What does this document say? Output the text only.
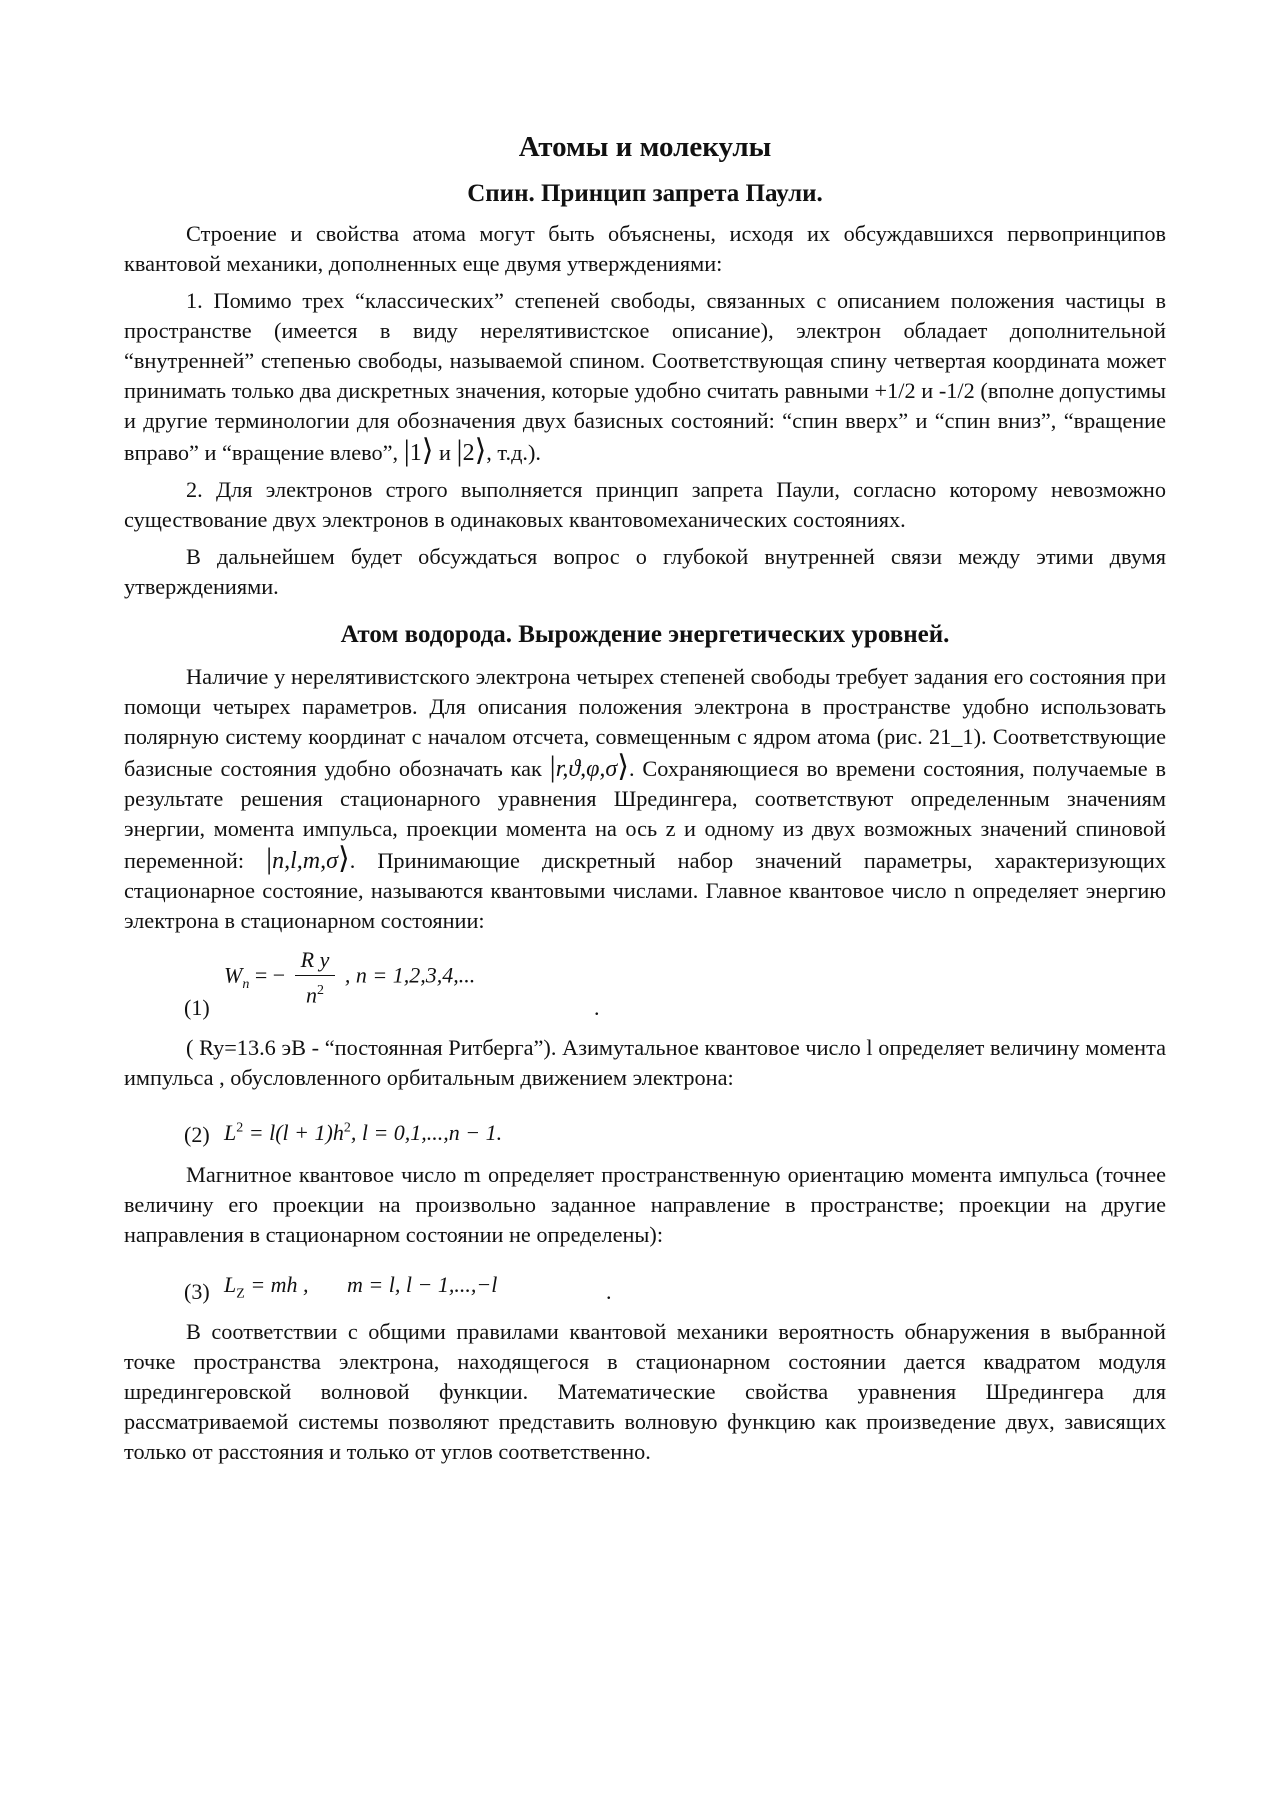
Атомы и молекулы
Спин. Принцип запрета Паули.

Строение и свойства атома могут быть объяснены, исходя их обсуждавшихся первопринципов квантовой механики, дополненных еще двумя утверждениями:

1. Помимо трех “классических” степеней свободы, связанных с описанием положения частицы в пространстве (имеется в виду нерелятивистское описание), электрон обладает дополнительной “внутренней” степенью свободы, называемой спином. Соответствующая спину четвертая координата может принимать только два дискретных значения, которые удобно считать равными +1/2 и -1/2 (вполне допустимы и другие терминологии для обозначения двух базисных состояний: “спин вверх” и “спин вниз”, “вращение вправо” и “вращение влево”, |1⟩ и |2⟩, т.д.).

2. Для электронов строго выполняется принцип запрета Паули, согласно которому невозможно существование двух электронов в одинаковых квантовомеханических состояниях.

В дальнейшем будет обсуждаться вопрос о глубокой внутренней связи между этими двумя утверждениями.

Атом водорода. Вырождение энергетических уровней.

Наличие у нерелятивистского электрона четырех степеней свободы требует задания его состояния при помощи четырех параметров. Для описания положения электрона в пространстве удобно использовать полярную систему координат с началом отсчета, совмещенным с ядром атома (рис. 21_1). Соответствующие базисные состояния удобно обозначать как |r,ϑ,φ,σ⟩. Сохраняющиеся во времени состояния, получаемые в результате решения стационарного уравнения Шредингера, соответствуют определенным значениям энергии, момента импульса, проекции момента на ось z и одному из двух возможных значений спиновой переменной: |n,l,m,σ⟩. Принимающие дискретный набор значений параметры, характеризующих стационарное состояние, называются квантовыми числами. Главное квантовое число n определяет энергию электрона в стационарном состоянии:

(1)
$W_n$ = − $\frac{\text{R y}}{n^2}$ , n = 1,2,3,4,...
.

( Ry=13.6 эВ - “постоянная Ритберга”). Азимутальное квантовое число l определяет величину момента импульса , обусловленного орбитальным движением электрона:

(2) $L^2 = l(l + 1)h^2$, l = 0,1,...,n − 1.

Магнитное квантовое число m определяет пространственную ориентацию момента импульса (точнее величину его проекции на произвольно заданное направление в пространстве; проекции на другие направления в стационарном состоянии не определены):

(3) $L_Z$ = mh , m = l, l − 1,...,−l	.

В соответствии с общими правилами квантовой механики вероятность обнаружения в выбранной точке пространства электрона, находящегося в стационарном состоянии дается квадратом модуля шредингеровской волновой функции. Математические свойства уравнения Шредингера для рассматриваемой системы позволяют представить волновую функцию как произведение двух, зависящих только от расстояния и только от углов соответственно.
